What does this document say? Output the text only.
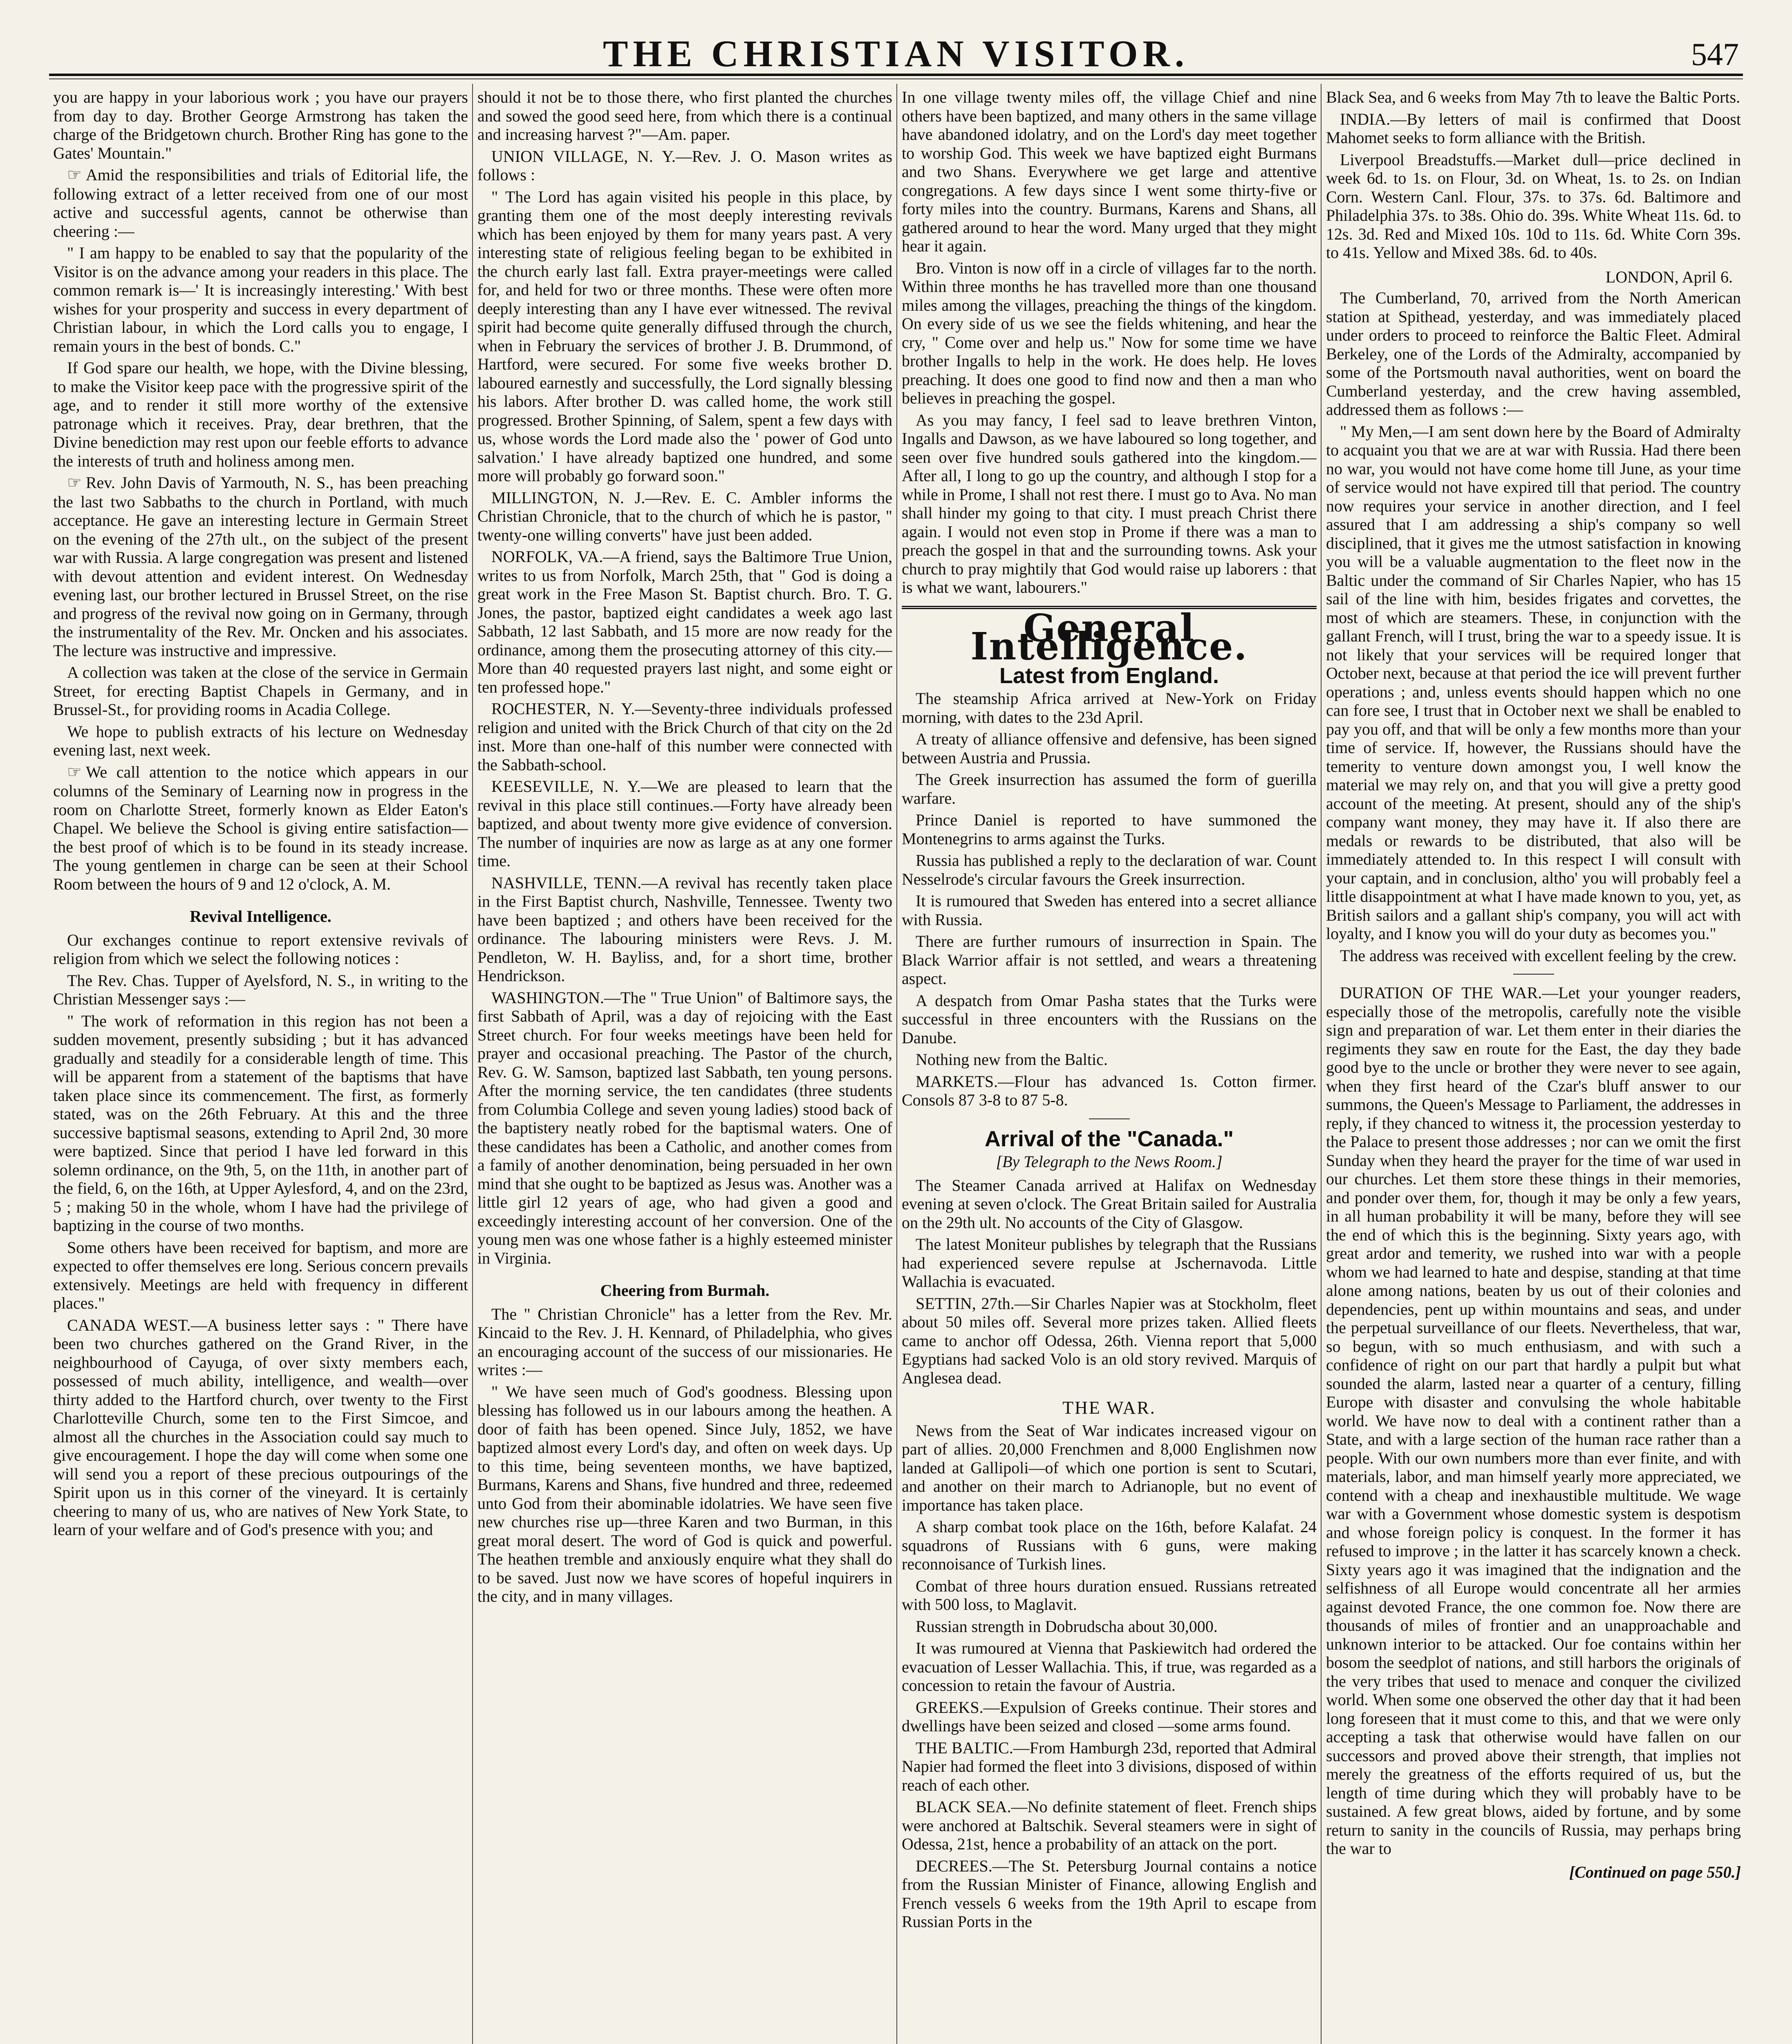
THE CHRISTIAN VISITOR.	547

you are happy in your laborious work ; you have our prayers from day to day. Brother George Armstrong has taken the charge of the Bridgetown church. Brother Ring has gone to the Gates' Mountain."

☞ Amid the responsibilities and trials of Editorial life, the following extract of a letter received from one of our most active and successful agents, cannot be otherwise than cheering :—

" I am happy to be enabled to say that the popularity of the Visitor is on the advance among your readers in this place. The common remark is—' It is increasingly interesting.' With best wishes for your prosperity and success in every department of Christian labour, in which the Lord calls you to engage, I remain yours in the best of bonds. C."

If God spare our health, we hope, with the Divine blessing, to make the Visitor keep pace with the progressive spirit of the age, and to render it still more worthy of the extensive patronage which it receives. Pray, dear brethren, that the Divine benediction may rest upon our feeble efforts to advance the interests of truth and holiness among men.

☞ Rev. John Davis of Yarmouth, N. S., has been preaching the last two Sabbaths to the church in Portland, with much acceptance. He gave an interesting lecture in Germain Street on the evening of the 27th ult., on the subject of the present war with Russia. A large congregation was present and listened with devout attention and evident interest. On Wednesday evening last, our brother lectured in Brussel Street, on the rise and progress of the revival now going on in Germany, through the instrumentality of the Rev. Mr. Oncken and his associates. The lecture was instructive and impressive.

A collection was taken at the close of the service in Germain Street, for erecting Baptist Chapels in Germany, and in Brussel-St., for providing rooms in Acadia College.

We hope to publish extracts of his lecture on Wednesday evening last, next week.

☞ We call attention to the notice which appears in our columns of the Seminary of Learning now in progress in the room on Charlotte Street, formerly known as Elder Eaton's Chapel. We believe the School is giving entire satisfaction—the best proof of which is to be found in its steady increase. The young gentlemen in charge can be seen at their School Room between the hours of 9 and 12 o'clock, A. M.

Revival Intelligence.

Our exchanges continue to report extensive revivals of religion from which we select the following notices :

The Rev. Chas. Tupper of Ayelsford, N. S., in writing to the Christian Messenger says :—

" The work of reformation in this region has not been a sudden movement, presently subsiding ; but it has advanced gradually and steadily for a considerable length of time. This will be apparent from a statement of the baptisms that have taken place since its commencement. The first, as formerly stated, was on the 26th February. At this and the three successive baptismal seasons, extending to April 2nd, 30 more were baptized. Since that period I have led forward in this solemn ordinance, on the 9th, 5, on the 11th, in another part of the field, 6, on the 16th, at Upper Aylesford, 4, and on the 23rd, 5 ; making 50 in the whole, whom I have had the privilege of baptizing in the course of two months.

Some others have been received for baptism, and more are expected to offer themselves ere long. Serious concern prevails extensively. Meetings are held with frequency in different places."

CANADA WEST.—A business letter says : " There have been two churches gathered on the Grand River, in the neighbourhood of Cayuga, of over sixty members each, possessed of much ability, intelligence, and wealth—over thirty added to the Hartford church, over twenty to the First Charlotteville Church, some ten to the First Simcoe, and almost all the churches in the Association could say much to give encouragement. I hope the day will come when some one will send you a report of these precious outpourings of the Spirit upon us in this corner of the vineyard. It is certainly cheering to many of us, who are natives of New York State, to learn of your welfare and of God's presence with you; and

should it not be to those there, who first planted the churches and sowed the good seed here, from which there is a continual and increasing harvest ?"—Am. paper.

UNION VILLAGE, N. Y.—Rev. J. O. Mason writes as follows :

" The Lord has again visited his people in this place, by granting them one of the most deeply interesting revivals which has been enjoyed by them for many years past. A very interesting state of religious feeling began to be exhibited in the church early last fall. Extra prayer-meetings were called for, and held for two or three months. These were often more deeply interesting than any I have ever witnessed. The revival spirit had become quite generally diffused through the church, when in February the services of brother J. B. Drummond, of Hartford, were secured. For some five weeks brother D. laboured earnestly and successfully, the Lord signally blessing his labors. After brother D. was called home, the work still progressed. Brother Spinning, of Salem, spent a few days with us, whose words the Lord made also the ' power of God unto salvation.' I have already baptized one hundred, and some more will probably go forward soon."

MILLINGTON, N. J.—Rev. E. C. Ambler informs the Christian Chronicle, that to the church of which he is pastor, " twenty-one willing converts" have just been added.

NORFOLK, VA.—A friend, says the Baltimore True Union, writes to us from Norfolk, March 25th, that " God is doing a great work in the Free Mason St. Baptist church. Bro. T. G. Jones, the pastor, baptized eight candidates a week ago last Sabbath, 12 last Sabbath, and 15 more are now ready for the ordinance, among them the prosecuting attorney of this city.—More than 40 requested prayers last night, and some eight or ten professed hope."

ROCHESTER, N. Y.—Seventy-three individuals professed religion and united with the Brick Church of that city on the 2d inst. More than one-half of this number were connected with the Sabbath-school.

KEESEVILLE, N. Y.—We are pleased to learn that the revival in this place still continues.—Forty have already been baptized, and about twenty more give evidence of conversion. The number of inquiries are now as large as at any one former time.

NASHVILLE, TENN.—A revival has recently taken place in the First Baptist church, Nashville, Tennessee. Twenty two have been baptized ; and others have been received for the ordinance. The labouring ministers were Revs. J. M. Pendleton, W. H. Bayliss, and, for a short time, brother Hendrickson.

WASHINGTON.—The " True Union" of Baltimore says, the first Sabbath of April, was a day of rejoicing with the East Street church. For four weeks meetings have been held for prayer and occasional preaching. The Pastor of the church, Rev. G. W. Samson, baptized last Sabbath, ten young persons. After the morning service, the ten candidates (three students from Columbia College and seven young ladies) stood back of the baptistery neatly robed for the baptismal waters. One of these candidates has been a Catholic, and another comes from a family of another denomination, being persuaded in her own mind that she ought to be baptized as Jesus was. Another was a little girl 12 years of age, who had given a good and exceedingly interesting account of her conversion. One of the young men was one whose father is a highly esteemed minister in Virginia.

Cheering from Burmah.

The " Christian Chronicle" has a letter from the Rev. Mr. Kincaid to the Rev. J. H. Kennard, of Philadelphia, who gives an encouraging account of the success of our missionaries. He writes :—

" We have seen much of God's goodness. Blessing upon blessing has followed us in our labours among the heathen. A door of faith has been opened. Since July, 1852, we have baptized almost every Lord's day, and often on week days. Up to this time, being seventeen months, we have baptized, Burmans, Karens and Shans, five hundred and three, redeemed unto God from their abominable idolatries. We have seen five new churches rise up—three Karen and two Burman, in this great moral desert. The word of God is quick and powerful. The heathen tremble and anxiously enquire what they shall do to be saved. Just now we have scores of hopeful inquirers in the city, and in many villages.

In one village twenty miles off, the village Chief and nine others have been baptized, and many others in the same village have abandoned idolatry, and on the Lord's day meet together to worship God. This week we have baptized eight Burmans and two Shans. Everywhere we get large and attentive congregations. A few days since I went some thirty-five or forty miles into the country. Burmans, Karens and Shans, all gathered around to hear the word. Many urged that they might hear it again.

Bro. Vinton is now off in a circle of villages far to the north. Within three months he has travelled more than one thousand miles among the villages, preaching the things of the kingdom. On every side of us we see the fields whitening, and hear the cry, " Come over and help us." Now for some time we have brother Ingalls to help in the work. He does help. He loves preaching. It does one good to find now and then a man who believes in preaching the gospel.

As you may fancy, I feel sad to leave brethren Vinton, Ingalls and Dawson, as we have laboured so long together, and seen over five hundred souls gathered into the kingdom.—After all, I long to go up the country, and although I stop for a while in Prome, I shall not rest there. I must go to Ava. No man shall hinder my going to that city. I must preach Christ there again. I would not even stop in Prome if there was a man to preach the gospel in that and the surrounding towns. Ask your church to pray mightily that God would raise up laborers : that is what we want, labourers."

General Intelligence.
Latest from England.

The steamship Africa arrived at New-York on Friday morning, with dates to the 23d April.

A treaty of alliance offensive and defensive, has been signed between Austria and Prussia.

The Greek insurrection has assumed the form of guerilla warfare.

Prince Daniel is reported to have summoned the Montenegrins to arms against the Turks.

Russia has published a reply to the declaration of war. Count Nesselrode's circular favours the Greek insurrection.

It is rumoured that Sweden has entered into a secret alliance with Russia.

There are further rumours of insurrection in Spain. The Black Warrior affair is not settled, and wears a threatening aspect.

A despatch from Omar Pasha states that the Turks were successful in three encounters with the Russians on the Danube.

Nothing new from the Baltic.

MARKETS.—Flour has advanced 1s. Cotton firmer. Consols 87 3-8 to 87 5-8.

Arrival of the "Canada."
[By Telegraph to the News Room.]

The Steamer Canada arrived at Halifax on Wednesday evening at seven o'clock. The Great Britain sailed for Australia on the 29th ult. No accounts of the City of Glasgow.

The latest Moniteur publishes by telegraph that the Russians had experienced severe repulse at Jschernavoda. Little Wallachia is evacuated.

SETTIN, 27th.—Sir Charles Napier was at Stockholm, fleet about 50 miles off. Several more prizes taken. Allied fleets came to anchor off Odessa, 26th. Vienna report that 5,000 Egyptians had sacked Volo is an old story revived. Marquis of Anglesea dead.

THE WAR.

News from the Seat of War indicates increased vigour on part of allies. 20,000 Frenchmen and 8,000 Englishmen now landed at Gallipoli—of which one portion is sent to Scutari, and another on their march to Adrianople, but no event of importance has taken place.

A sharp combat took place on the 16th, before Kalafat. 24 squadrons of Russians with 6 guns, were making reconnoisance of Turkish lines.

Combat of three hours duration ensued. Russians retreated with 500 loss, to Maglavit.

Russian strength in Dobrudscha about 30,000.

It was rumoured at Vienna that Paskiewitch had ordered the evacuation of Lesser Wallachia. This, if true, was regarded as a concession to retain the favour of Austria.

GREEKS.—Expulsion of Greeks continue. Their stores and dwellings have been seized and closed —some arms found.

THE BALTIC.—From Hamburgh 23d, reported that Admiral Napier had formed the fleet into 3 divisions, disposed of within reach of each other.

BLACK SEA.—No definite statement of fleet. French ships were anchored at Baltschik. Several steamers were in sight of Odessa, 21st, hence a probability of an attack on the port.

DECREES.—The St. Petersburg Journal contains a notice from the Russian Minister of Finance, allowing English and French vessels 6 weeks from the 19th April to escape from Russian Ports in the

Black Sea, and 6 weeks from May 7th to leave the Baltic Ports.

INDIA.—By letters of mail is confirmed that Doost Mahomet seeks to form alliance with the British.

Liverpool Breadstuffs.—Market dull—price declined in week 6d. to 1s. on Flour, 3d. on Wheat, 1s. to 2s. on Indian Corn. Western Canl. Flour, 37s. to 37s. 6d. Baltimore and Philadelphia 37s. to 38s. Ohio do. 39s. White Wheat 11s. 6d. to 12s. 3d. Red and Mixed 10s. 10d to 11s. 6d. White Corn 39s. to 41s. Yellow and Mixed 38s. 6d. to 40s.

LONDON, April 6.

The Cumberland, 70, arrived from the North American station at Spithead, yesterday, and was immediately placed under orders to proceed to reinforce the Baltic Fleet. Admiral Berkeley, one of the Lords of the Admiralty, accompanied by some of the Portsmouth naval authorities, went on board the Cumberland yesterday, and the crew having assembled, addressed them as follows :—

" My Men,—I am sent down here by the Board of Admiralty to acquaint you that we are at war with Russia. Had there been no war, you would not have come home till June, as your time of service would not have expired till that period. The country now requires your service in another direction, and I feel assured that I am addressing a ship's company so well disciplined, that it gives me the utmost satisfaction in knowing you will be a valuable augmentation to the fleet now in the Baltic under the command of Sir Charles Napier, who has 15 sail of the line with him, besides frigates and corvettes, the most of which are steamers. These, in conjunction with the gallant French, will I trust, bring the war to a speedy issue. It is not likely that your services will be required longer that October next, because at that period the ice will prevent further operations ; and, unless events should happen which no one can fore see, I trust that in October next we shall be enabled to pay you off, and that will be only a few months more than your time of service. If, however, the Russians should have the temerity to venture down amongst you, I well know the material we may rely on, and that you will give a pretty good account of the meeting. At present, should any of the ship's company want money, they may have it. If also there are medals or rewards to be distributed, that also will be immediately attended to. In this respect I will consult with your captain, and in conclusion, altho' you will probably feel a little disappointment at what I have made known to you, yet, as British sailors and a gallant ship's company, you will act with loyalty, and I know you will do your duty as becomes you."

The address was received with excellent feeling by the crew.

DURATION OF THE WAR.—Let your younger readers, especially those of the metropolis, carefully note the visible sign and preparation of war. Let them enter in their diaries the regiments they saw en route for the East, the day they bade good bye to the uncle or brother they were never to see again, when they first heard of the Czar's bluff answer to our summons, the Queen's Message to Parliament, the addresses in reply, if they chanced to witness it, the procession yesterday to the Palace to present those addresses ; nor can we omit the first Sunday when they heard the prayer for the time of war used in our churches. Let them store these things in their memories, and ponder over them, for, though it may be only a few years, in all human probability it will be many, before they will see the end of which this is the beginning. Sixty years ago, with great ardor and temerity, we rushed into war with a people whom we had learned to hate and despise, standing at that time alone among nations, beaten by us out of their colonies and dependencies, pent up within mountains and seas, and under the perpetual surveillance of our fleets. Nevertheless, that war, so begun, with so much enthusiasm, and with such a confidence of right on our part that hardly a pulpit but what sounded the alarm, lasted near a quarter of a century, filling Europe with disaster and convulsing the whole habitable world. We have now to deal with a continent rather than a State, and with a large section of the human race rather than a people. With our own numbers more than ever finite, and with materials, labor, and man himself yearly more appreciated, we contend with a cheap and inexhaustible multitude. We wage war with a Government whose domestic system is despotism and whose foreign policy is conquest. In the former it has refused to improve ; in the latter it has scarcely known a check. Sixty years ago it was imagined that the indignation and the selfishness of all Europe would concentrate all her armies against devoted France, the one common foe. Now there are thousands of miles of frontier and an unapproachable and unknown interior to be attacked. Our foe contains within her bosom the seedplot of nations, and still harbors the originals of the very tribes that used to menace and conquer the civilized world. When some one observed the other day that it had been long foreseen that it must come to this, and that we were only accepting a task that otherwise would have fallen on our successors and proved above their strength, that implies not merely the greatness of the efforts required of us, but the length of time during which they will probably have to be sustained. A few great blows, aided by fortune, and by some return to sanity in the councils of Russia, may perhaps bring the war to

[Continued on page 550.]
